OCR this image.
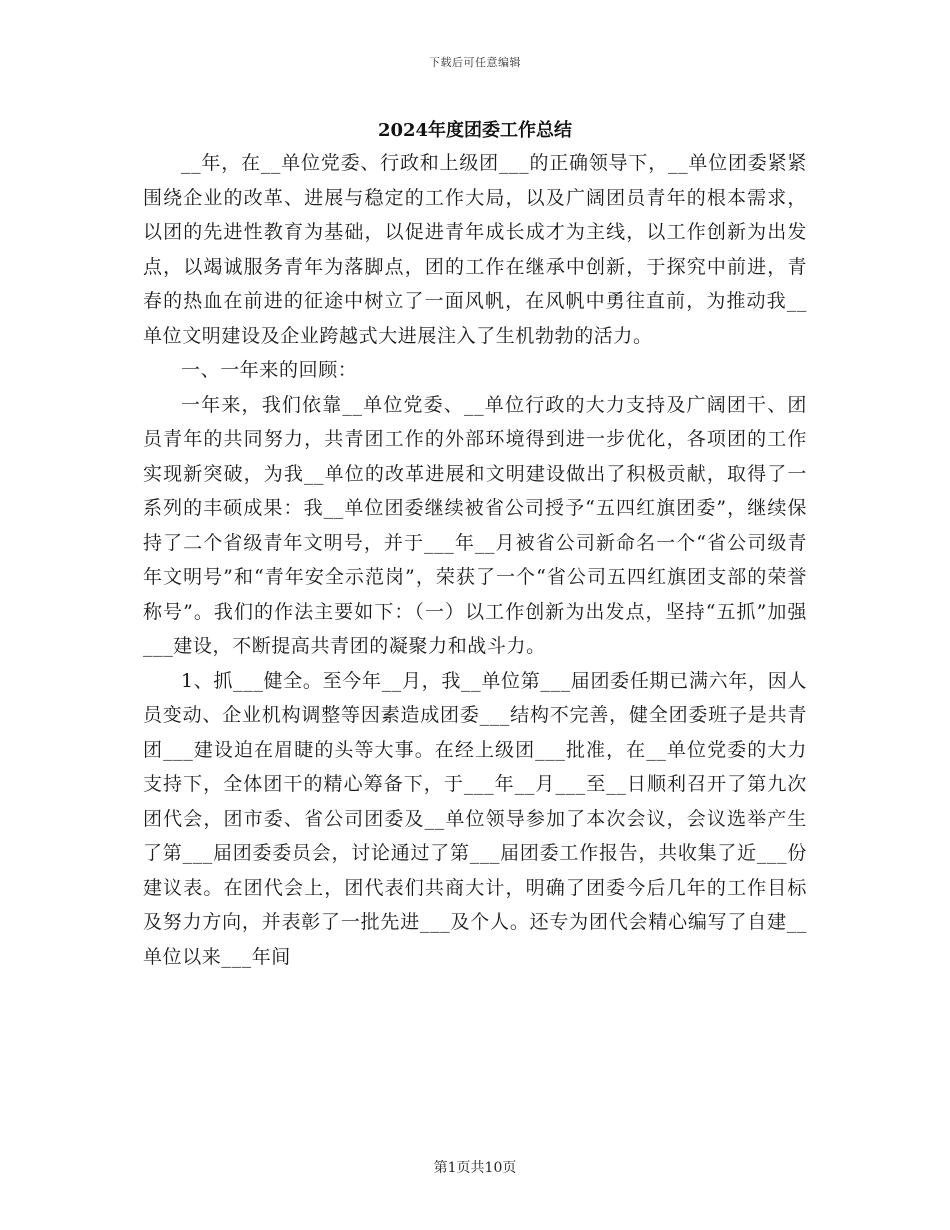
下载后可任意编辑
2024年度团委工作总结

__年，在__单位党委、行政和上级团___的正确领导下，__单位团委紧紧围绕企业的改革、进展与稳定的工作大局，以及广阔团员青年的根本需求，以团的先进性教育为基础，以促进青年成长成才为主线，以工作创新为出发点，以竭诚服务青年为落脚点，团的工作在继承中创新，于探究中前进，青春的热血在前进的征途中树立了一面风帆，在风帆中勇往直前，为推动我__单位文明建设及企业跨越式大进展注入了生机勃勃的活力。

一、一年来的回顾：

一年来，我们依靠__单位党委、__单位行政的大力支持及广阔团干、团员青年的共同努力，共青团工作的外部环境得到进一步优化，各项团的工作实现新突破，为我__单位的改革进展和文明建设做出了积极贡献，取得了一系列的丰硕成果：我__单位团委继续被省公司授予“五四红旗团委”，继续保持了二个省级青年文明号，并于___年__月被省公司新命名一个“省公司级青年文明号”和“青年安全示范岗”，荣获了一个“省公司五四红旗团支部的荣誉称号”。我们的作法主要如下：（一）以工作创新为出发点，坚持“五抓”加强___建设，不断提高共青团的凝聚力和战斗力。

1、抓___健全。至今年__月，我__单位第___届团委任期已满六年，因人员变动、企业机构调整等因素造成团委___结构不完善，健全团委班子是共青团___建设迫在眉睫的头等大事。在经上级团___批准，在__单位党委的大力支持下，全体团干的精心筹备下，于___年__月___至__日顺利召开了第九次团代会，团市委、省公司团委及__单位领导参加了本次会议，会议选举产生了第___届团委委员会，讨论通过了第___届团委工作报告，共收集了近___份建议表。在团代会上，团代表们共商大计，明确了团委今后几年的工作目标及努力方向，并表彰了一批先进___及个人。还专为团代会精心编写了自建__单位以来___年间

第1页共10页
